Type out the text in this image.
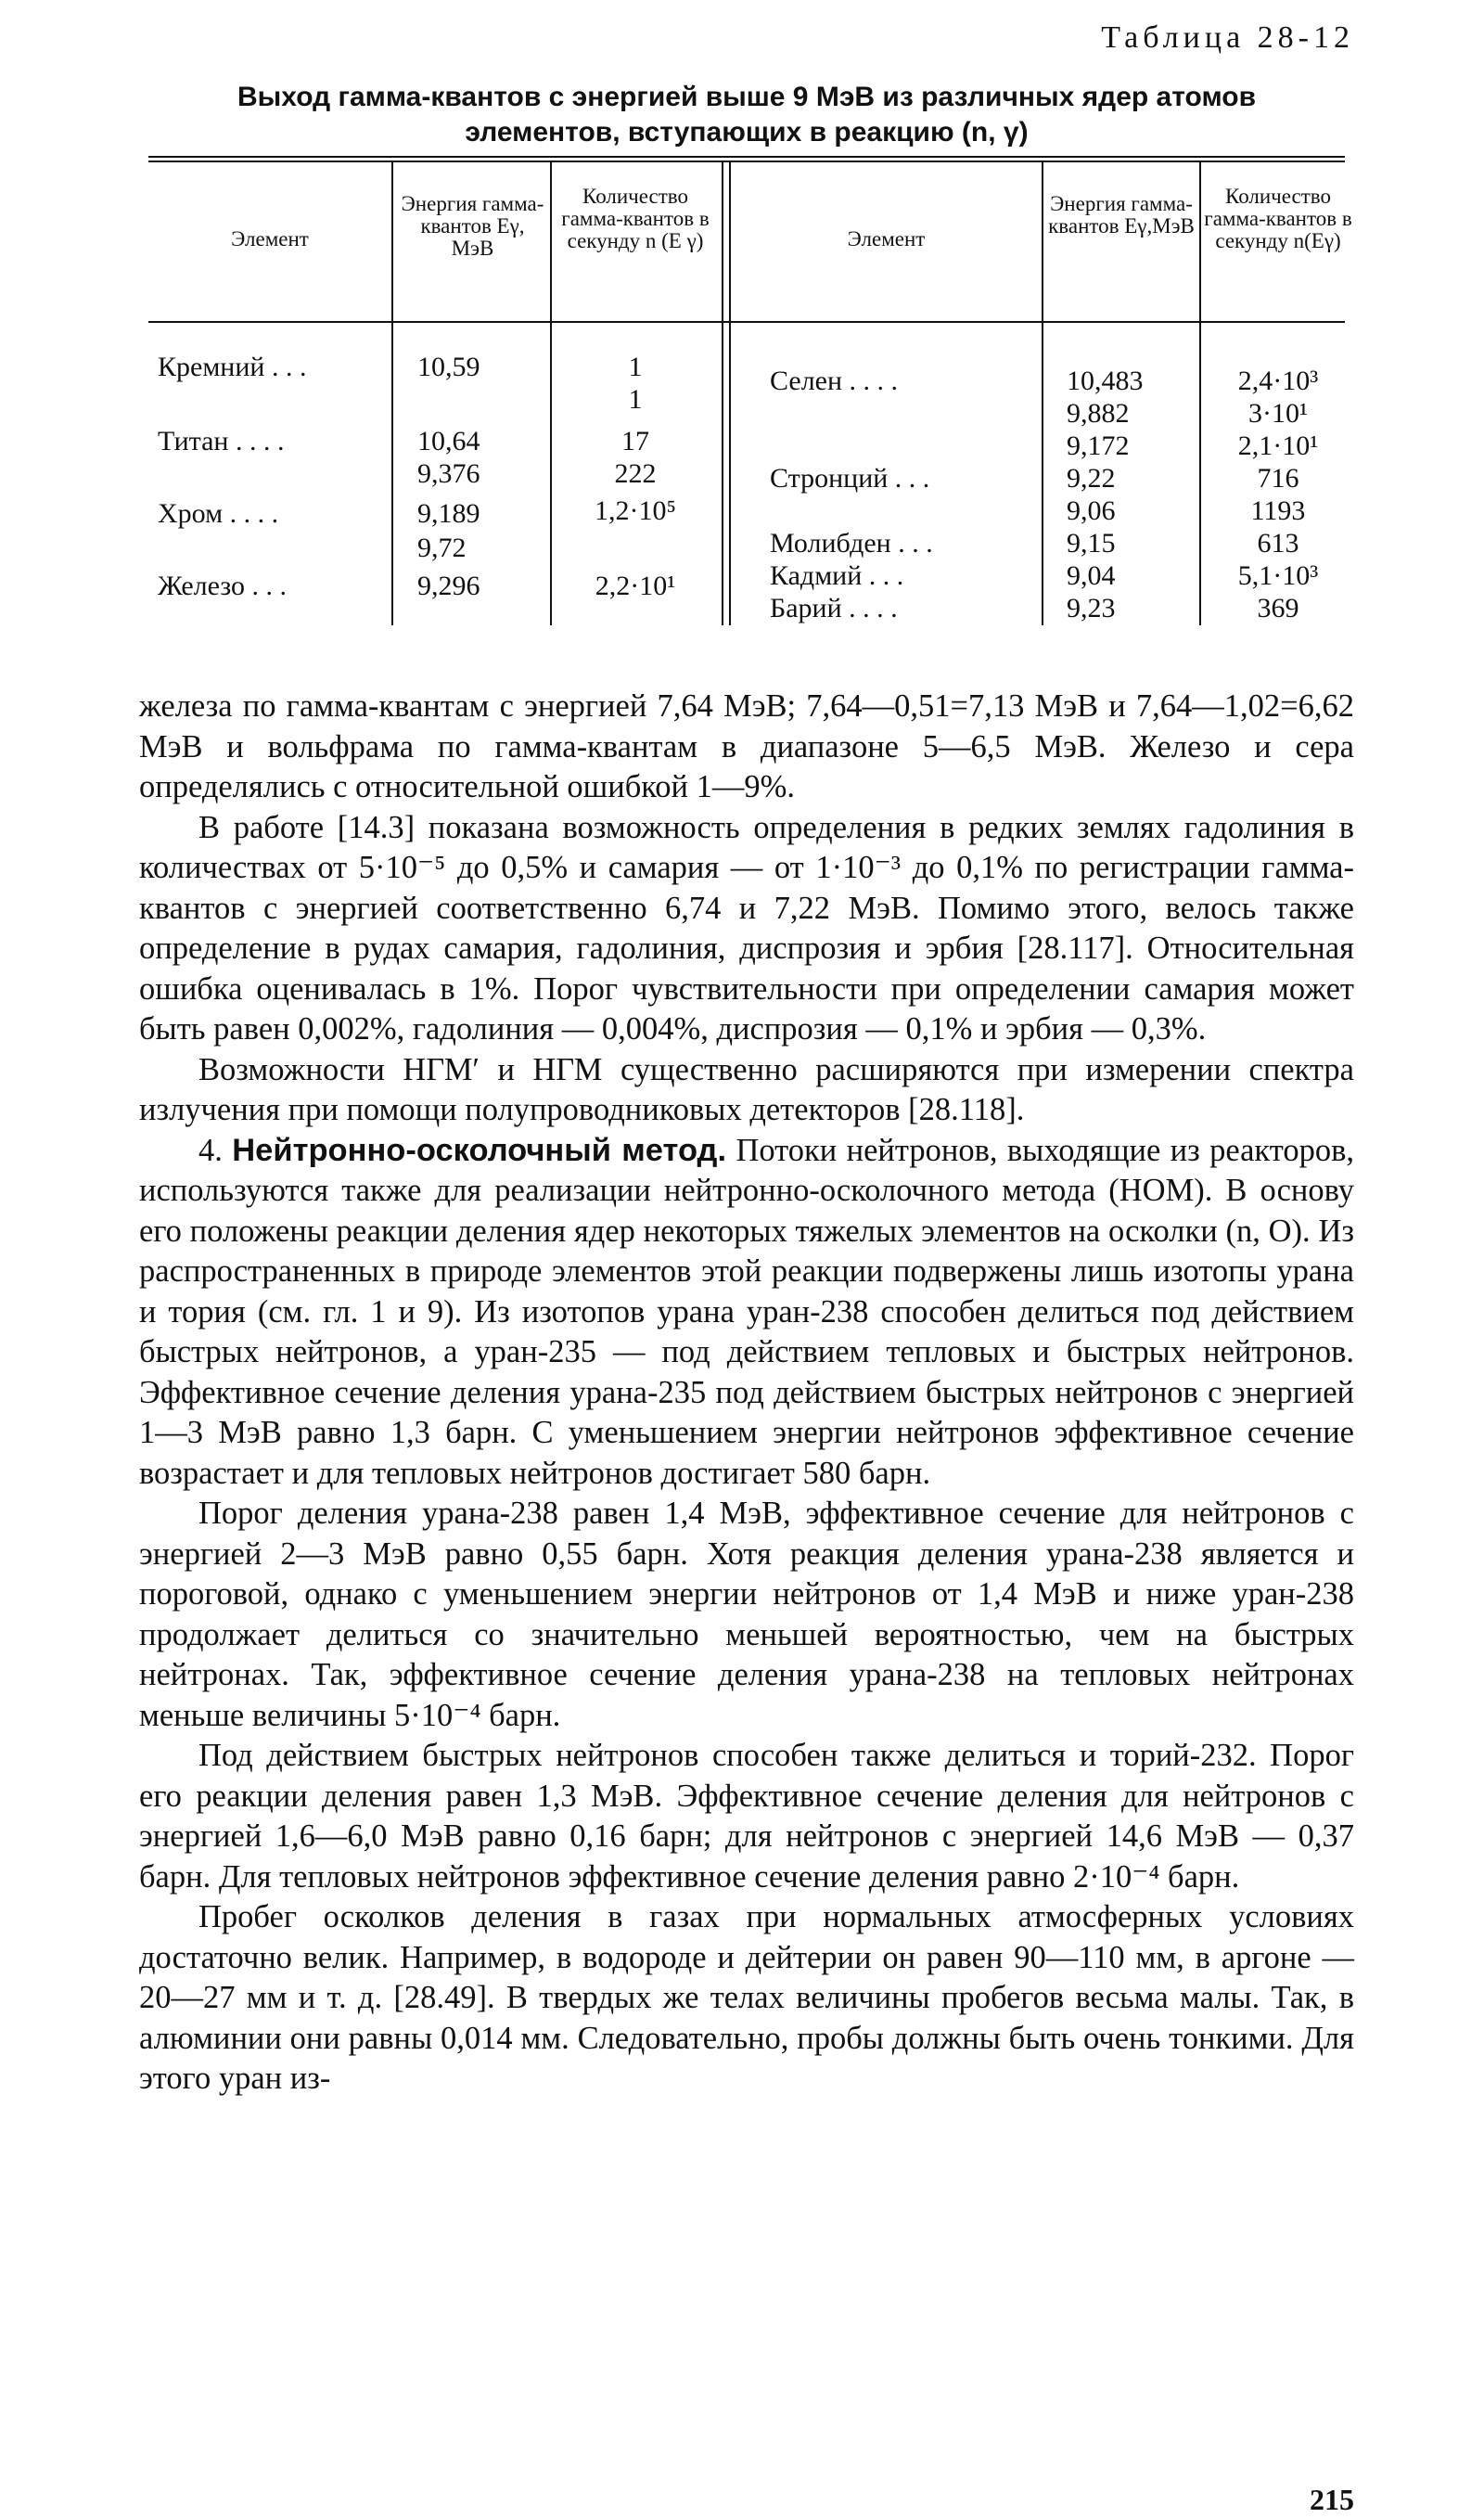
Таблица 28-12
Выход гамма-квантов с энергией выше 9 МэВ из различных ядер атомов
элементов, вступающих в реакцию (n, γ)
Элемент
Энергия гамма-квантов Eγ, МэВ
Количество гамма-квантов в секунду n (E γ)	Элемент
Энергия гамма-квантов Eγ,МэВ
Количество гамма-квантов в секунду n(Eγ)
Кремний . . .
Титан . . . .
Хром . . . .
Железо . . .
10,59
10,64
9,376
9,189
9,72
9,296
1
1
17
222
1,2·10⁵
2,2·10¹
Селен . . . .
Стронций . . .
Молибден . . .
Кадмий . . .
Барий . . . .
10,483
9,882
9,172
9,22
9,06
9,15
9,04
9,23
2,4·10³
3·10¹
2,1·10¹
716
1193
613
5,1·10³
369

железа по гамма-квантам с энергией 7,64 МэВ; 7,64—0,51=7,13 МэВ и 7,64—1,02=6,62 МэВ и вольфрама по гамма-квантам в диапазоне 5—6,5 МэВ. Железо и сера определялись с относительной ошибкой 1—9%.

В работе [14.3] показана возможность определения в редких землях гадолиния в количествах от 5·10⁻⁵ до 0,5% и самария — от 1·10⁻³ до 0,1% по регистрации гамма-квантов с энергией соответственно 6,74 и 7,22 МэВ. Помимо этого, велось также определение в рудах самария, гадолиния, диспрозия и эрбия [28.117]. Относительная ошибка оценивалась в 1%. Порог чувствительности при определении самария может быть равен 0,002%, гадолиния — 0,004%, диспрозия — 0,1% и эрбия — 0,3%.

Возможности НГМ′ и НГМ существенно расширяются при измерении спектра излучения при помощи полупроводниковых детекторов [28.118].

4. Нейтронно-осколочный метод. Потоки нейтронов, выходящие из реакторов, используются также для реализации нейтронно-осколочного метода (НОМ). В основу его положены реакции деления ядер некоторых тяжелых элементов на осколки (n, O). Из распространенных в природе элементов этой реакции подвержены лишь изотопы урана и тория (см. гл. 1 и 9). Из изотопов урана уран-238 способен делиться под действием быстрых нейтронов, а уран-235 — под действием тепловых и быстрых нейтронов. Эффективное сечение деления урана-235 под действием быстрых нейтронов с энергией 1—3 МэВ равно 1,3 барн. С уменьшением энергии нейтронов эффективное сечение возрастает и для тепловых нейтронов достигает 580 барн.

Порог деления урана-238 равен 1,4 МэВ, эффективное сечение для нейтронов с энергией 2—3 МэВ равно 0,55 барн. Хотя реакция деления урана-238 является и пороговой, однако с уменьшением энергии нейтронов от 1,4 МэВ и ниже уран-238 продолжает делиться со значительно меньшей вероятностью, чем на быстрых нейтронах. Так, эффективное сечение деления урана-238 на тепловых нейтронах меньше величины 5·10⁻⁴ барн.

Под действием быстрых нейтронов способен также делиться и торий-232. Порог его реакции деления равен 1,3 МэВ. Эффективное сечение деления для нейтронов с энергией 1,6—6,0 МэВ равно 0,16 барн; для нейтронов с энергией 14,6 МэВ — 0,37 барн. Для тепловых нейтронов эффективное сечение деления равно 2·10⁻⁴ барн.

Пробег осколков деления в газах при нормальных атмосферных условиях достаточно велик. Например, в водороде и дейтерии он равен 90—110 мм, в аргоне — 20—27 мм и т. д. [28.49]. В твердых же телах величины пробегов весьма малы. Так, в алюминии они равны 0,014 мм. Следовательно, пробы должны быть очень тонкими. Для этого уран из-

215
